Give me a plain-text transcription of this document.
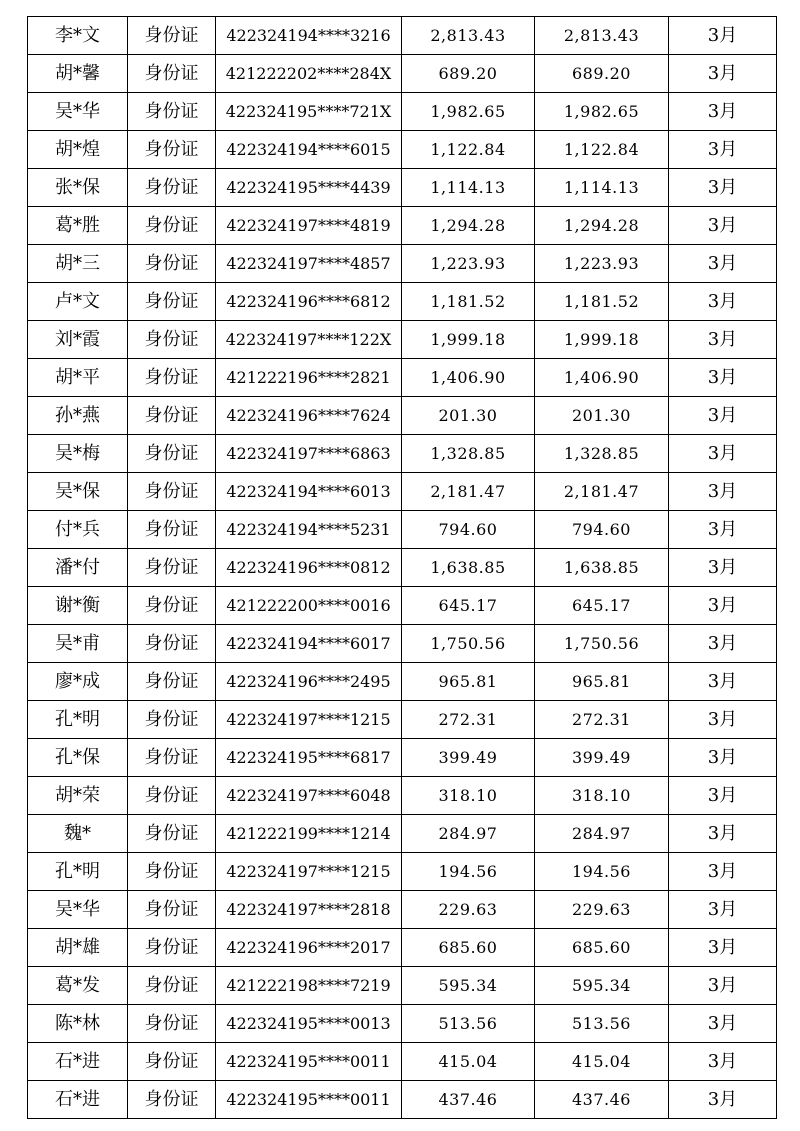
李*文	身份证	422324194****3216	2,813.43	2,813.43	3月
胡*馨	身份证	421222202****284X	689.20	689.20	3月
吴*华	身份证	422324195****721X	1,982.65	1,982.65	3月
胡*煌	身份证	422324194****6015	1,122.84	1,122.84	3月
张*保	身份证	422324195****4439	1,114.13	1,114.13	3月
葛*胜	身份证	422324197****4819	1,294.28	1,294.28	3月
胡*三	身份证	422324197****4857	1,223.93	1,223.93	3月
卢*文	身份证	422324196****6812	1,181.52	1,181.52	3月
刘*霞	身份证	422324197****122X	1,999.18	1,999.18	3月
胡*平	身份证	421222196****2821	1,406.90	1,406.90	3月
孙*燕	身份证	422324196****7624	201.30	201.30	3月
吴*梅	身份证	422324197****6863	1,328.85	1,328.85	3月
吴*保	身份证	422324194****6013	2,181.47	2,181.47	3月
付*兵	身份证	422324194****5231	794.60	794.60	3月
潘*付	身份证	422324196****0812	1,638.85	1,638.85	3月
谢*衡	身份证	421222200****0016	645.17	645.17	3月
吴*甫	身份证	422324194****6017	1,750.56	1,750.56	3月
廖*成	身份证	422324196****2495	965.81	965.81	3月
孔*明	身份证	422324197****1215	272.31	272.31	3月
孔*保	身份证	422324195****6817	399.49	399.49	3月
胡*荣	身份证	422324197****6048	318.10	318.10	3月
魏*	身份证	421222199****1214	284.97	284.97	3月
孔*明	身份证	422324197****1215	194.56	194.56	3月
吴*华	身份证	422324197****2818	229.63	229.63	3月
胡*雄	身份证	422324196****2017	685.60	685.60	3月
葛*发	身份证	421222198****7219	595.34	595.34	3月
陈*林	身份证	422324195****0013	513.56	513.56	3月
石*进	身份证	422324195****0011	415.04	415.04	3月
石*进	身份证	422324195****0011	437.46	437.46	3月
